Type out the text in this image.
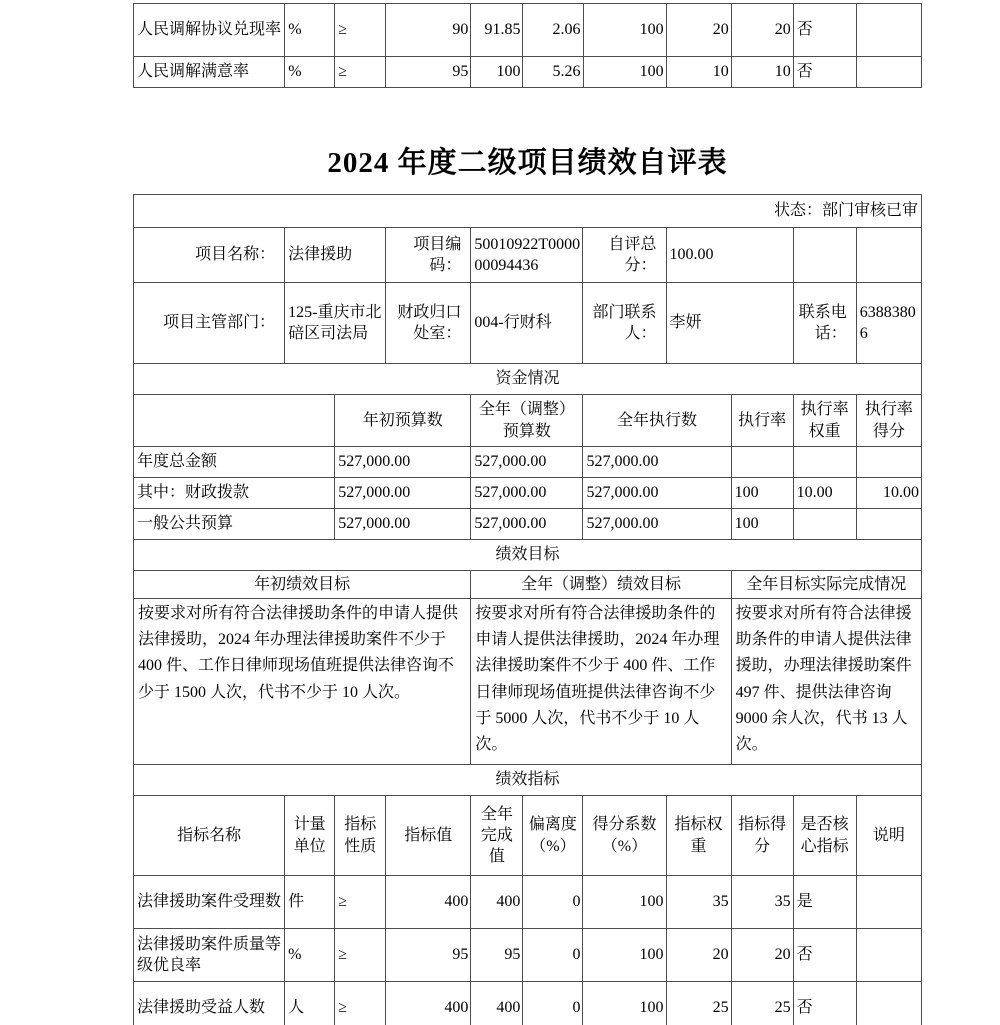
人民调解协议兑现率	%	≥	90	91.85	2.06	100	20	20	否	
人民调解满意率	%	≥	95	100	5.26	100	10	10	否	
2024 年度二级项目绩效自评表
状态：部门审核已审										
项目名称：	法律援助		项目编码：	50010922T000000094436		自评总分：	100.00			
项目主管部门：	125-重庆市北碚区司法局		财政归口处室：	004-行财科		部门联系人：	李妍		联系电话：	63883806
资金情况										
		年初预算数		全年（调整）预算数		全年执行数		执行率	执行率权重	执行率得分
年度总金额		527,000.00		527,000.00		527,000.00				
其中：财政拨款		527,000.00		527,000.00		527,000.00		100	10.00	10.00
一般公共预算		527,000.00		527,000.00		527,000.00		100		
绩效目标										
年初绩效目标				全年（调整）绩效目标				全年目标实际完成情况		
按要求对所有符合法律援助条件的申请人提供法律援助，2024 年办理法律援助案件不少于 400 件、工作日律师现场值班提供法律咨询不少于 1500 人次，代书不少于 10 人次。				按要求对所有符合法律援助条件的申请人提供法律援助，2024 年办理法律援助案件不少于 400 件、工作日律师现场值班提供法律咨询不少于 5000 人次，代书不少于 10 人次。				按要求对所有符合法律援助条件的申请人提供法律援助，办理法律援助案件 497 件、提供法律咨询 9000 余人次，代书 13 人次。		
绩效指标										
指标名称	计量单位	指标性质	指标值	全年完成值	偏离度（%）	得分系数（%）	指标权重	指标得分	是否核心指标	说明
法律援助案件受理数	件	≥	400	400	0	100	35	35	是	
法律援助案件质量等级优良率	%	≥	95	95	0	100	20	20	否	
法律援助受益人数	人	≥	400	400	0	100	25	25	否	
